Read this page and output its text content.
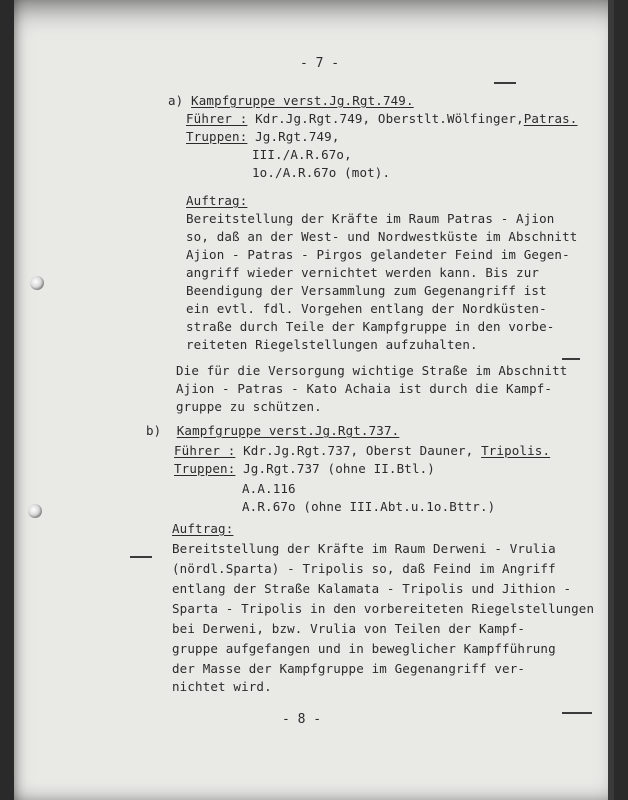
- 7 -
a) Kampfgruppe verst.Jg.Rgt.749.
Führer : Kdr.Jg.Rgt.749, Oberstlt.Wölfinger,Patras.
Truppen: Jg.Rgt.749,
III./A.R.67o,
1o./A.R.67o (mot).
Auftrag:
Bereitstellung der Kräfte im Raum Patras - Ajion
so, daß an der West- und Nordwestküste im Abschnitt
Ajion - Patras - Pirgos gelandeter Feind im Gegen-
angriff wieder vernichtet werden kann. Bis zur
Beendigung der Versammlung zum Gegenangriff ist
ein evtl. fdl. Vorgehen entlang der Nordküsten-
straße durch Teile der Kampfgruppe in den vorbe-
reiteten Riegelstellungen aufzuhalten.
Die für die Versorgung wichtige Straße im Abschnitt
Ajion - Patras - Kato Achaia ist durch die Kampf-
gruppe zu schützen.
b) Kampfgruppe verst.Jg.Rgt.737.
Führer : Kdr.Jg.Rgt.737, Oberst Dauner, Tripolis.
Truppen: Jg.Rgt.737 (ohne II.Btl.)
A.A.116
A.R.67o (ohne III.Abt.u.1o.Bttr.)
Auftrag:
Bereitstellung der Kräfte im Raum Derweni - Vrulia
(nördl.Sparta) - Tripolis so, daß Feind im Angriff
entlang der Straße Kalamata - Tripolis und Jithion -
Sparta - Tripolis in den vorbereiteten Riegelstellungen
bei Derweni, bzw. Vrulia von Teilen der Kampf-
gruppe aufgefangen und in beweglicher Kampfführung
der Masse der Kampfgruppe im Gegenangriff ver-
nichtet wird.
- 8 -
